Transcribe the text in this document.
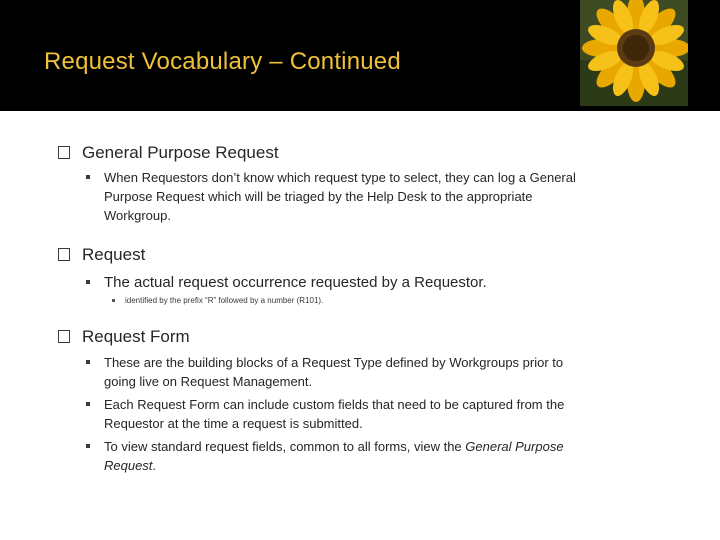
Request Vocabulary – Continued
General Purpose Request
When Requestors don’t know which request type to select, they can log a General
Purpose Request which will be triaged by the Help Desk to the appropriate
Workgroup.
Request
The actual request occurrence requested by a Requestor.
identified by the prefix “R” followed by a number (R101).
Request Form
These are the building blocks of a Request Type defined by Workgroups prior to
going live on Request Management.
Each Request Form can include custom fields that need to be captured from the
Requestor at the time a request is submitted.
To view standard request fields, common to all forms, view the General Purpose
Request.
